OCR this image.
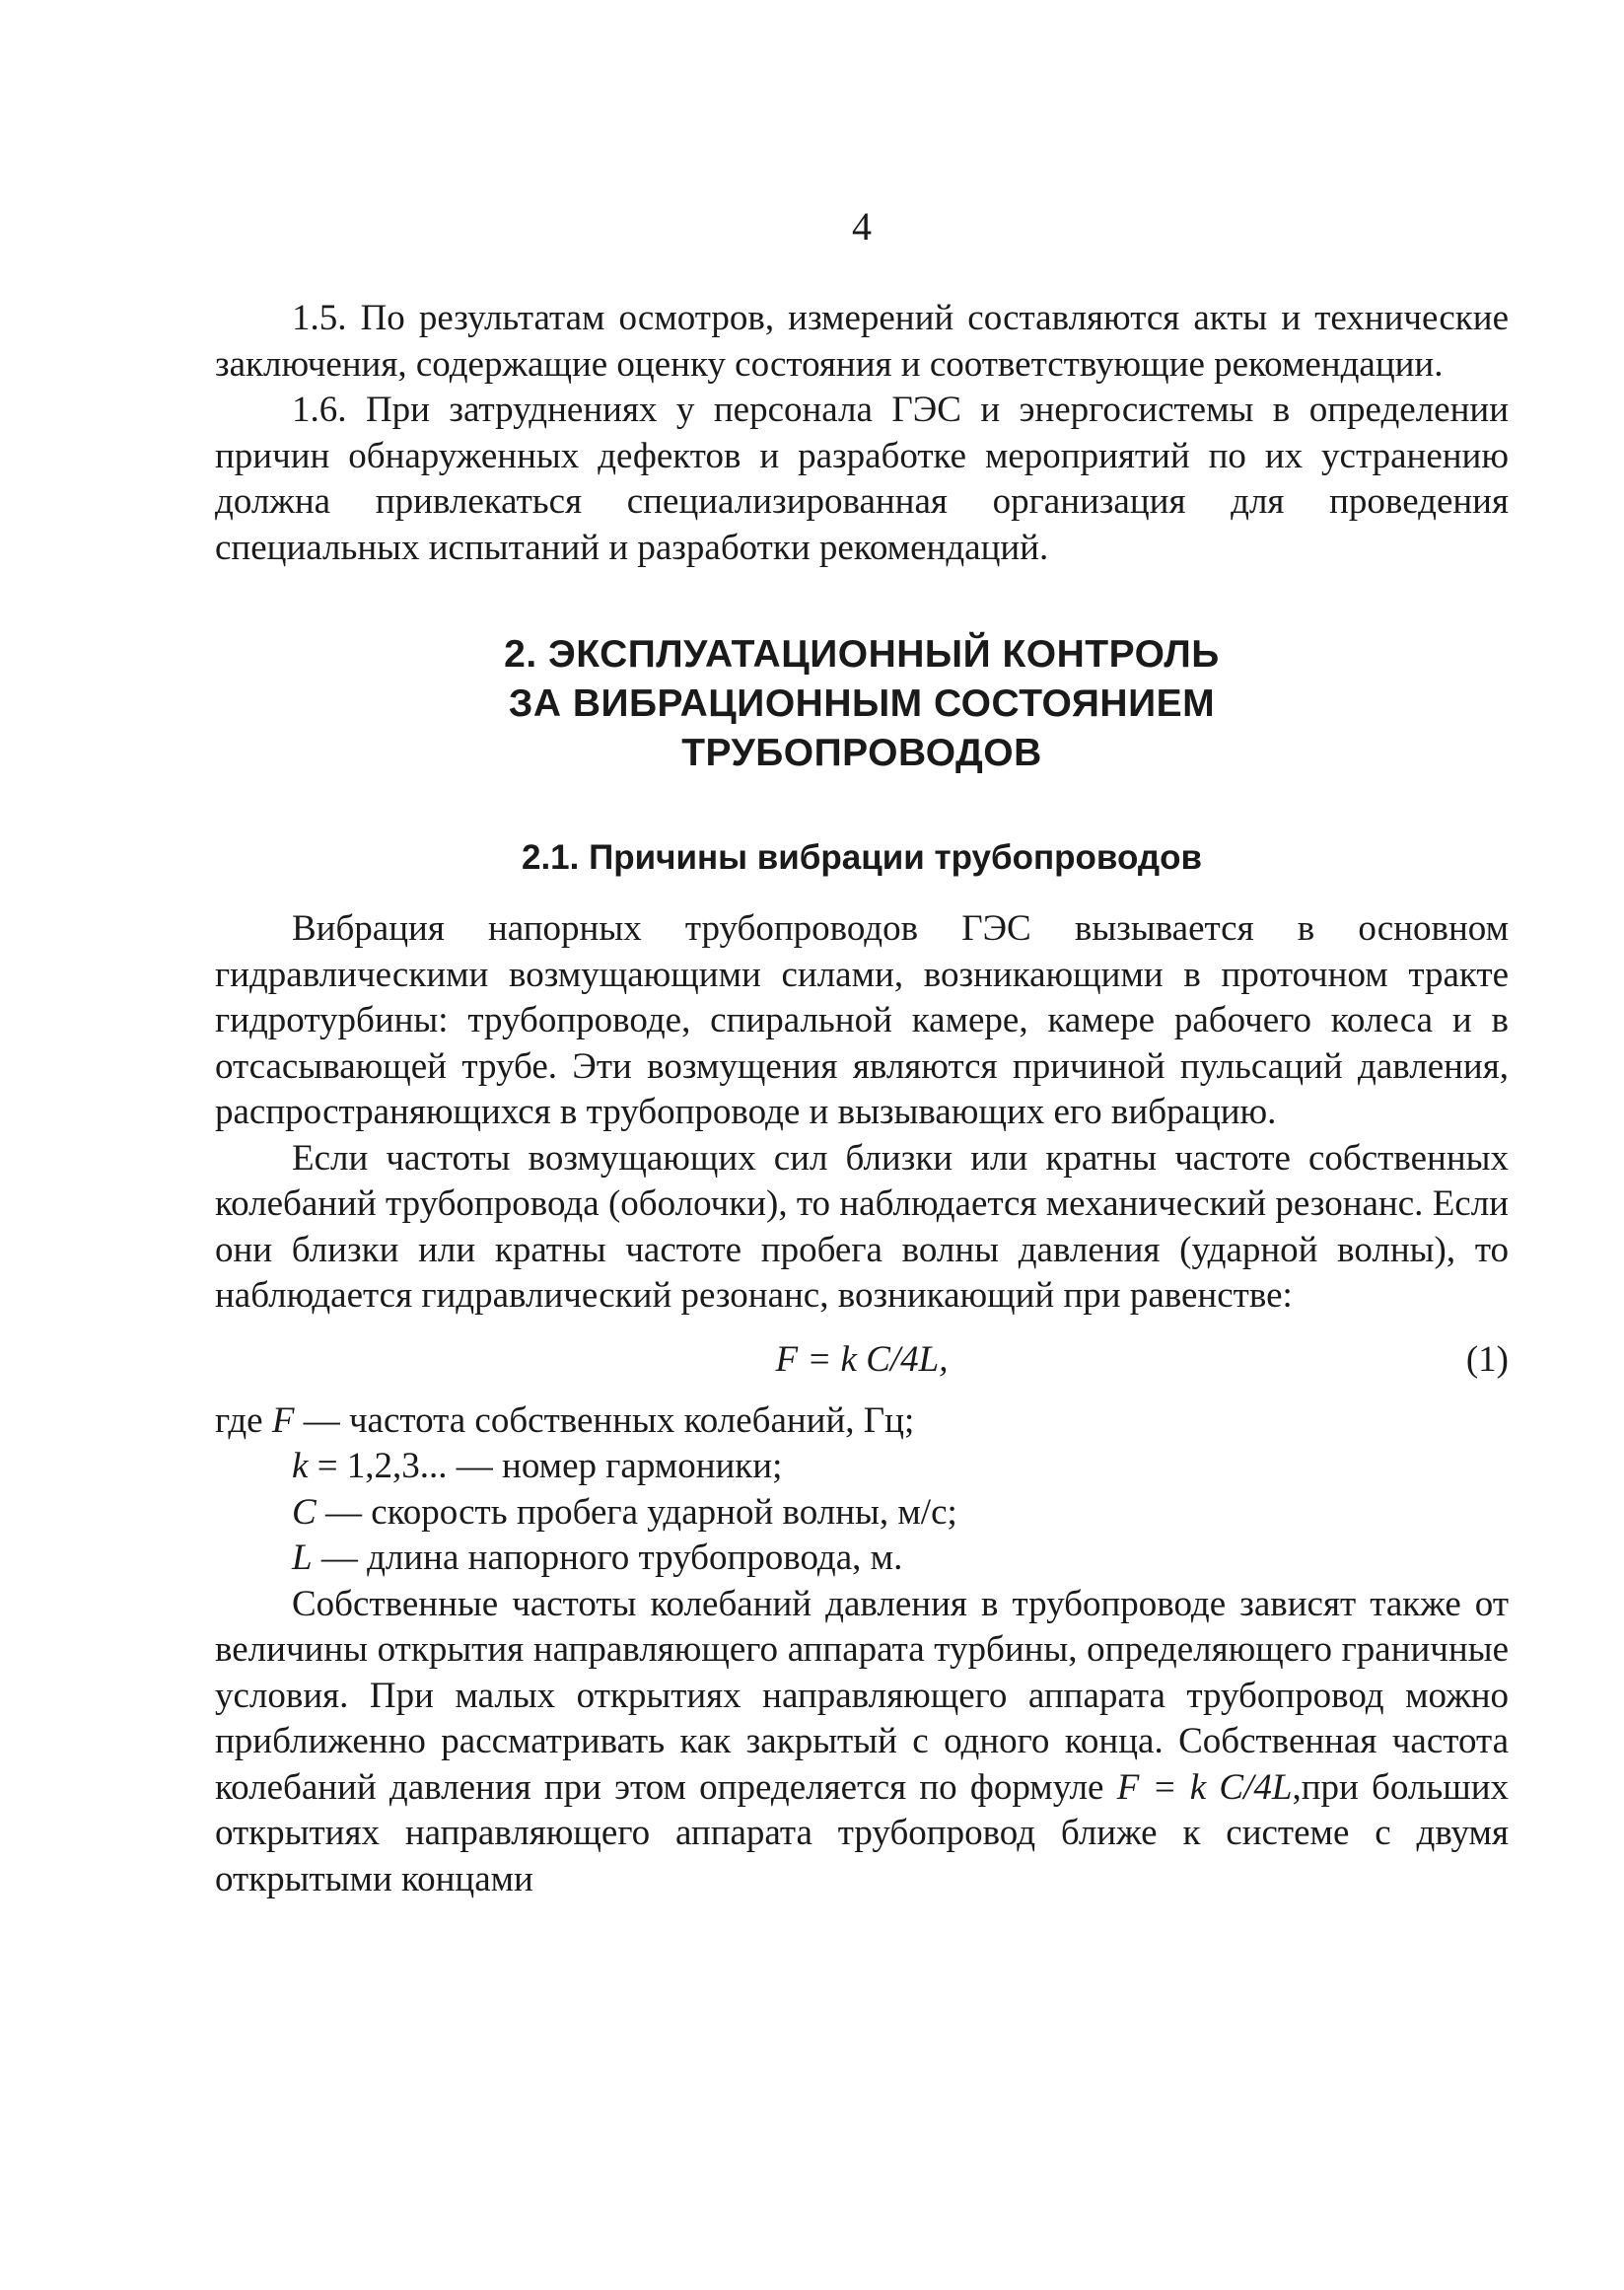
4

1.5. По результатам осмотров, измерений составляются акты и технические заключения, содержащие оценку состояния и соответствующие рекомендации.

1.6. При затруднениях у персонала ГЭС и энергосистемы в определении причин обнаруженных дефектов и разработке мероприятий по их устранению должна привлекаться специализированная организация для проведения специальных испытаний и разработки рекомендаций.

2. ЭКСПЛУАТАЦИОННЫЙ КОНТРОЛЬ
ЗА ВИБРАЦИОННЫМ СОСТОЯНИЕМ
ТРУБОПРОВОДОВ
2.1. Причины вибрации трубопроводов

Вибрация напорных трубопроводов ГЭС вызывается в основном гидравлическими возмущающими силами, возникающими в проточном тракте гидротурбины: трубопроводе, спиральной камере, камере рабочего колеса и в отсасывающей трубе. Эти возмущения являются причиной пульсаций давления, распространяющихся в трубопроводе и вызывающих его вибрацию.

Если частоты возмущающих сил близки или кратны частоте собственных колебаний трубопровода (оболочки), то наблюдается механический резонанс. Если они близки или кратны частоте пробега волны давления (ударной волны), то наблюдается гидравлический резонанс, возникающий при равенстве:

F = k C/4L,	(1)

где F — частота собственных колебаний, Гц;

k = 1,2,3... — номер гармоники;

C — скорость пробега ударной волны, м/с;

L — длина напорного трубопровода, м.

Собственные частоты колебаний давления в трубопроводе зависят также от величины открытия направляющего аппарата турбины, определяющего граничные условия. При малых открытиях направляющего аппарата трубопровод можно приближенно рассматривать как закрытый с одного конца. Собственная частота колебаний давления при этом определяется по формуле F = k C/4L,при больших открытиях направляющего аппарата трубопровод ближе к системе с двумя открытыми концами
